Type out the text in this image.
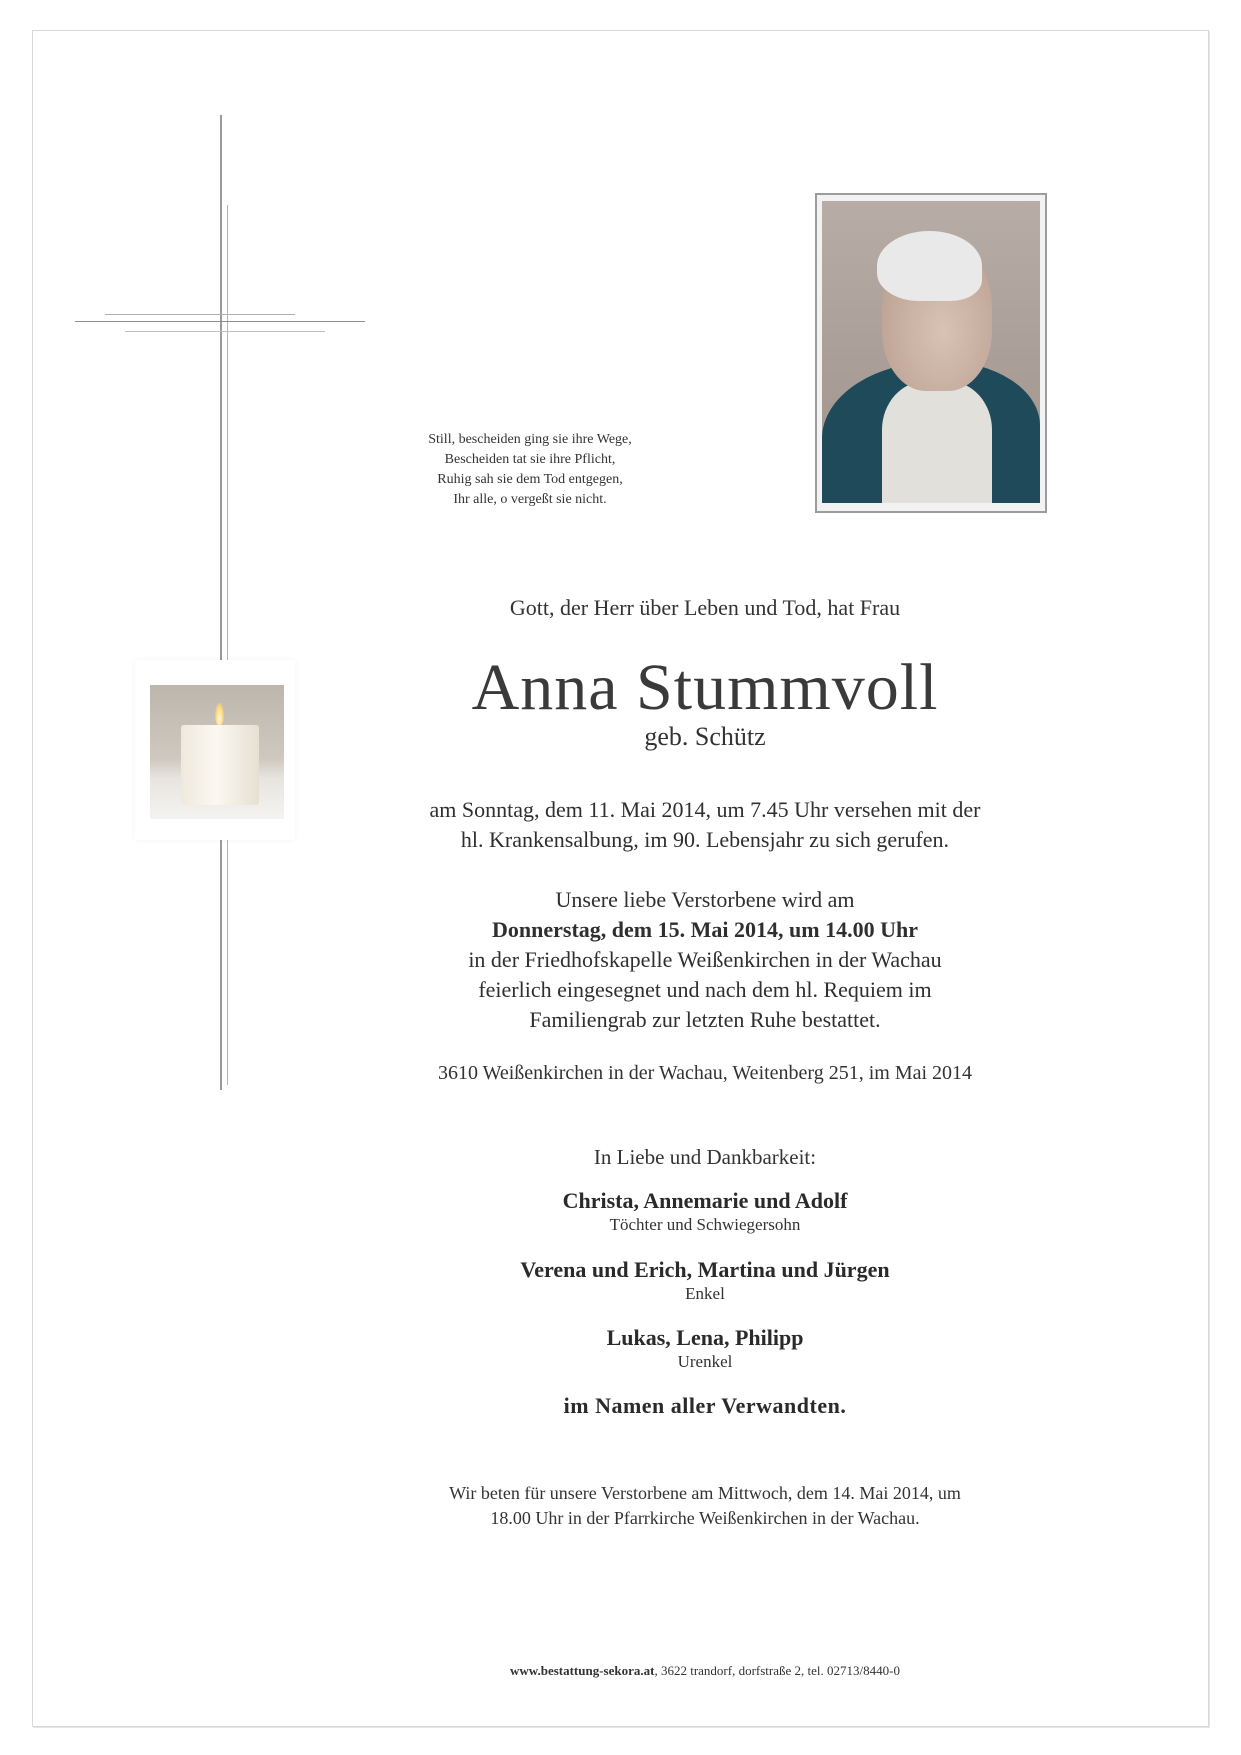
Still, bescheiden ging sie ihre Wege,
Bescheiden tat sie ihre Pflicht,
Ruhig sah sie dem Tod entgegen,
Ihr alle, o vergeßt sie nicht.
Gott, der Herr über Leben und Tod, hat Frau
Anna Stummvoll
geb. Schütz
am Sonntag, dem 11. Mai 2014, um 7.45 Uhr versehen mit der
hl. Krankensalbung, im 90. Lebensjahr zu sich gerufen.
Unsere liebe Verstorbene wird am
Donnerstag, dem 15. Mai 2014, um 14.00 Uhr
in der Friedhofskapelle Weißenkirchen in der Wachau
feierlich eingesegnet und nach dem hl. Requiem im
Familiengrab zur letzten Ruhe bestattet.
3610 Weißenkirchen in der Wachau, Weitenberg 251, im Mai 2014
In Liebe und Dankbarkeit:
Christa, Annemarie und Adolf
Töchter und Schwiegersohn
Verena und Erich, Martina und Jürgen
Enkel
Lukas, Lena, Philipp
Urenkel
im Namen aller Verwandten.
Wir beten für unsere Verstorbene am Mittwoch, dem 14. Mai 2014, um
18.00 Uhr in der Pfarrkirche Weißenkirchen in der Wachau.
www.bestattung-sekora.at, 3622 trandorf, dorfstraße 2, tel. 02713/8440-0
